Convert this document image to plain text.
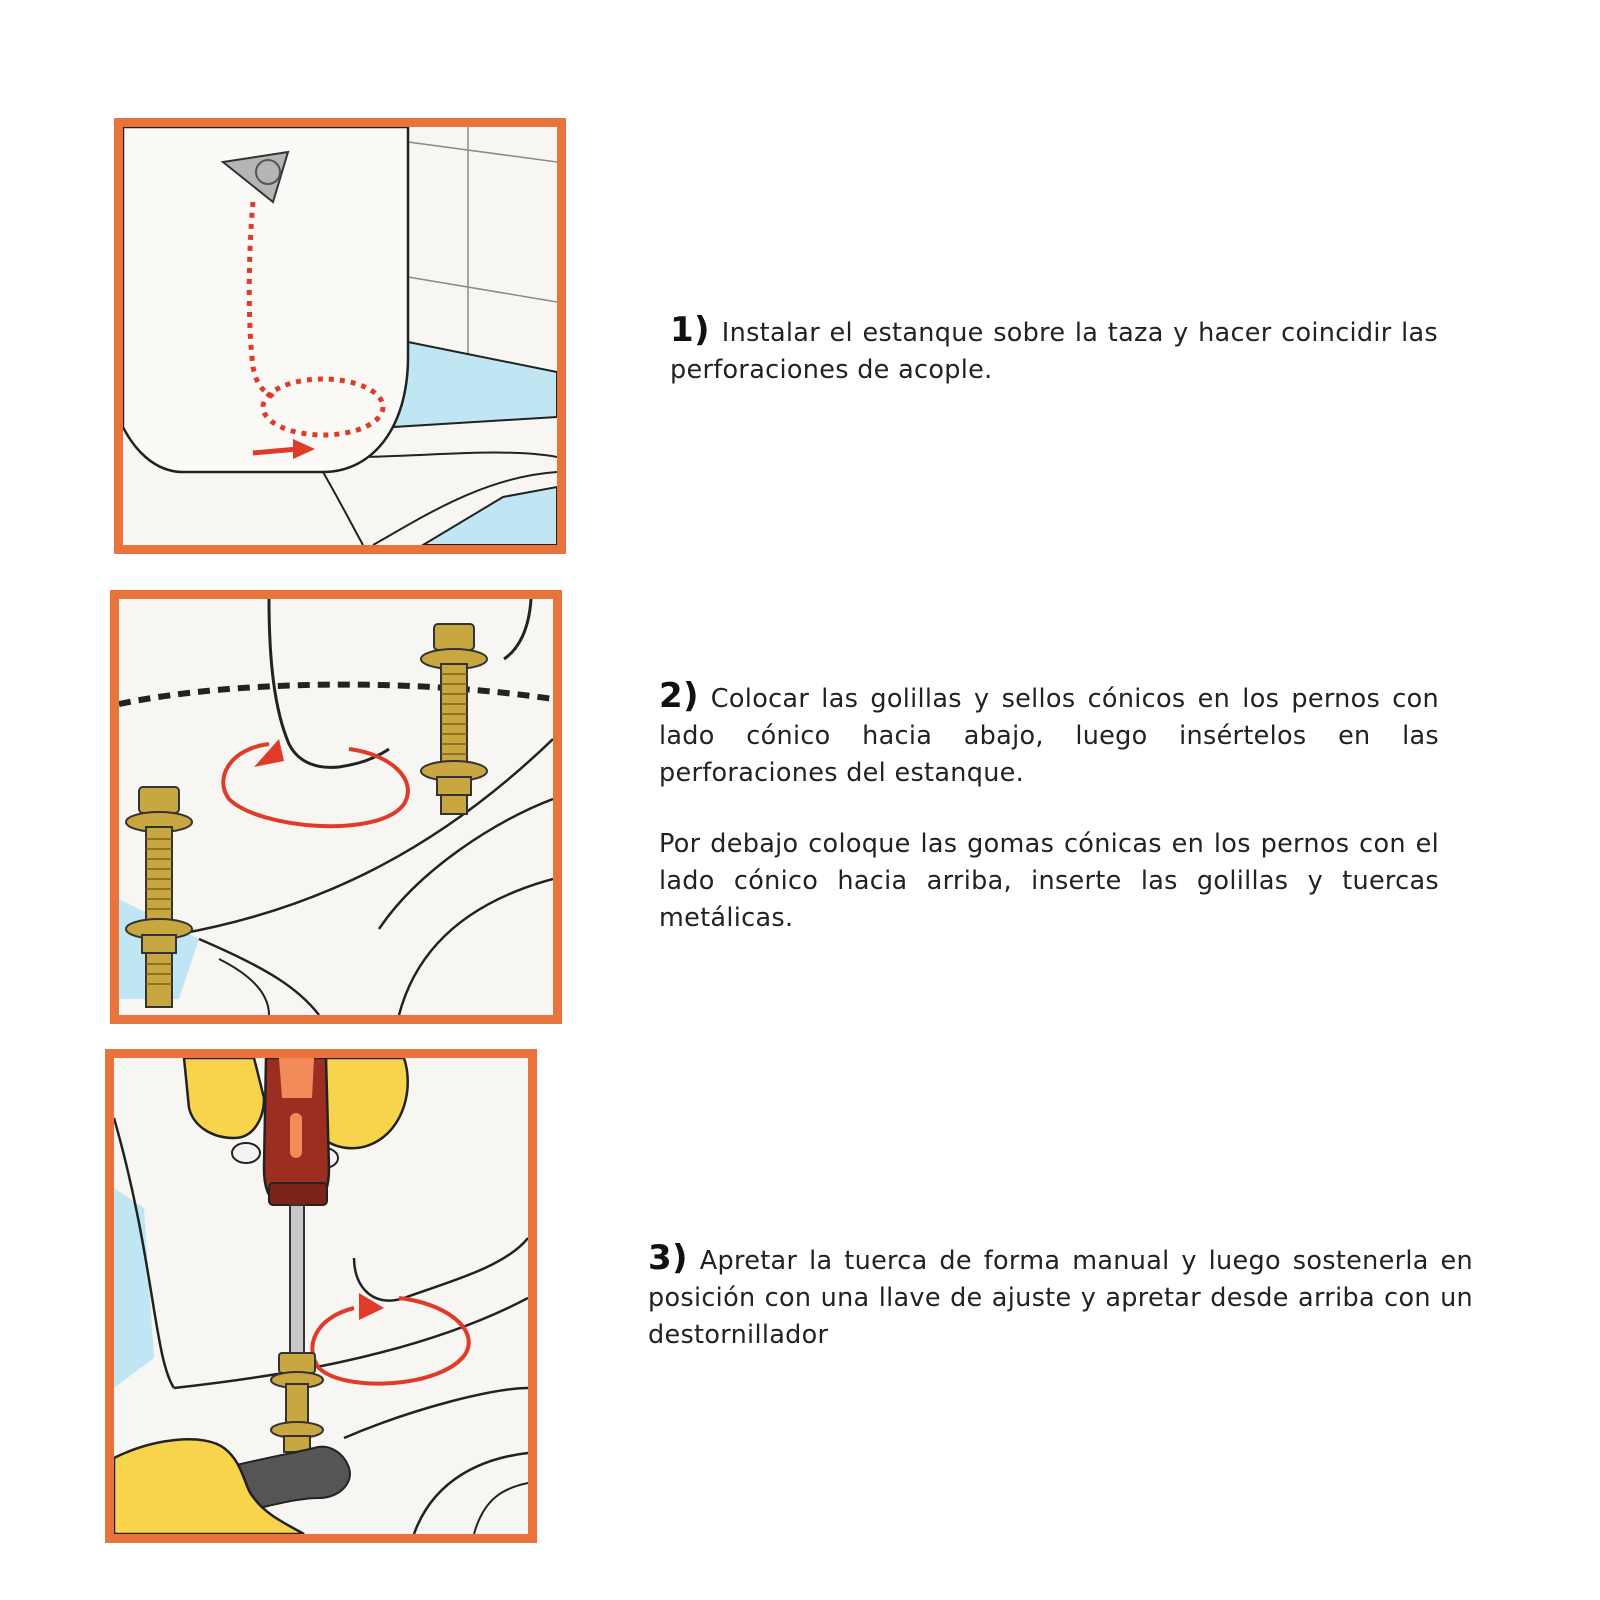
1) Instalar el estanque sobre la taza y hacer coincidir las perforaciones de acople.

2) Colocar las golillas y sellos cónicos en los pernos con lado cónico hacia abajo, luego insértelos en las perforaciones del estanque.

Por debajo coloque las gomas cónicas en los pernos con el lado cónico hacia arriba, inserte las golillas y tuercas metálicas.

3) Apretar la tuerca de forma manual y luego sostenerla en posición con una llave de ajuste y apretar desde arriba con un destornillador
